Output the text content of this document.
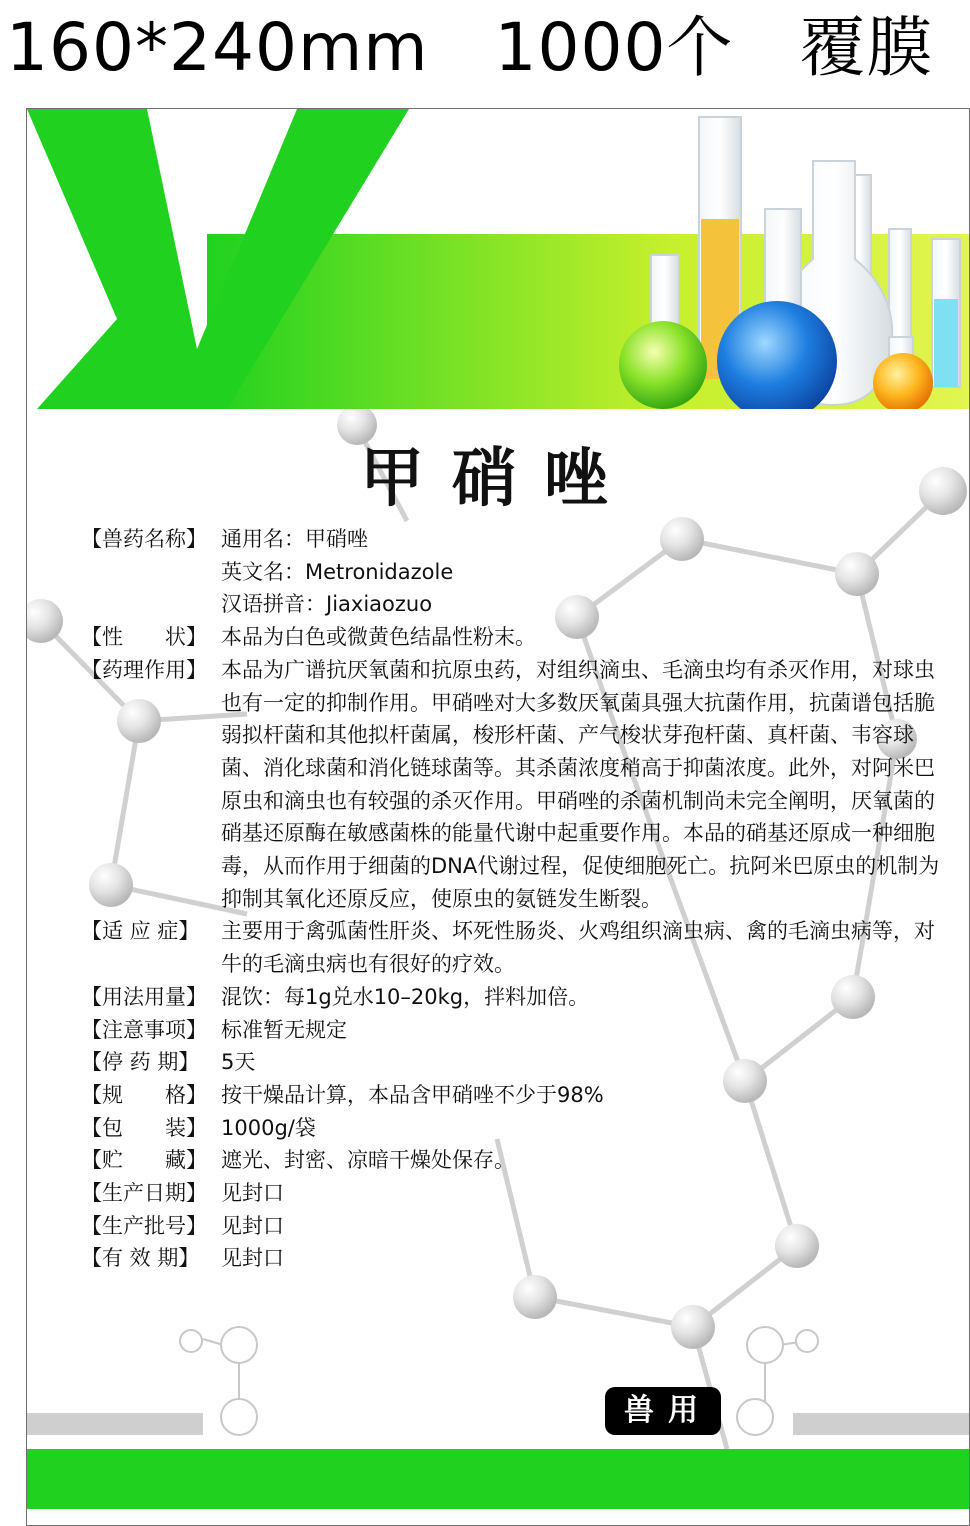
160*240mm   1000个   覆膜
甲硝唑
【兽药名称】 通用名：甲硝唑
英文名：Metronidazole
汉语拼音：Jiaxiaozuo
【性　　状】 本品为白色或微黄色结晶性粉末。
【药理作用】 本品为广谱抗厌氧菌和抗原虫药，对组织滴虫、毛滴虫均有杀灭作用，对球虫也有一定的抑制作用。甲硝唑对大多数厌氧菌具强大抗菌作用，抗菌谱包括脆弱拟杆菌和其他拟杆菌属，梭形杆菌、产气梭状芽孢杆菌、真杆菌、韦容球菌、消化球菌和消化链球菌等。其杀菌浓度稍高于抑菌浓度。此外，对阿米巴原虫和滴虫也有较强的杀灭作用。甲硝唑的杀菌机制尚未完全阐明，厌氧菌的硝基还原酶在敏感菌株的能量代谢中起重要作用。本品的硝基还原成一种细胞毒，从而作用于细菌的DNA代谢过程，促使细胞死亡。抗阿米巴原虫的机制为抑制其氧化还原反应，使原虫的氨链发生断裂。
【适 应 症】	主要用于禽弧菌性肝炎、坏死性肠炎、火鸡组织滴虫病、禽的毛滴虫病等，对牛的毛滴虫病也有很好的疗效。
【用法用量】 混饮：每1g兑水10–20kg，拌料加倍。
【注意事项】 标准暂无规定
【停 药 期】	5天
【规　　格】 按干燥品计算，本品含甲硝唑不少于98%
【包　　装】 1000g/袋
【贮　　藏】 遮光、封密、凉暗干燥处保存。
【生产日期】 见封口
【生产批号】 见封口
【有 效 期】	见封口
兽用
